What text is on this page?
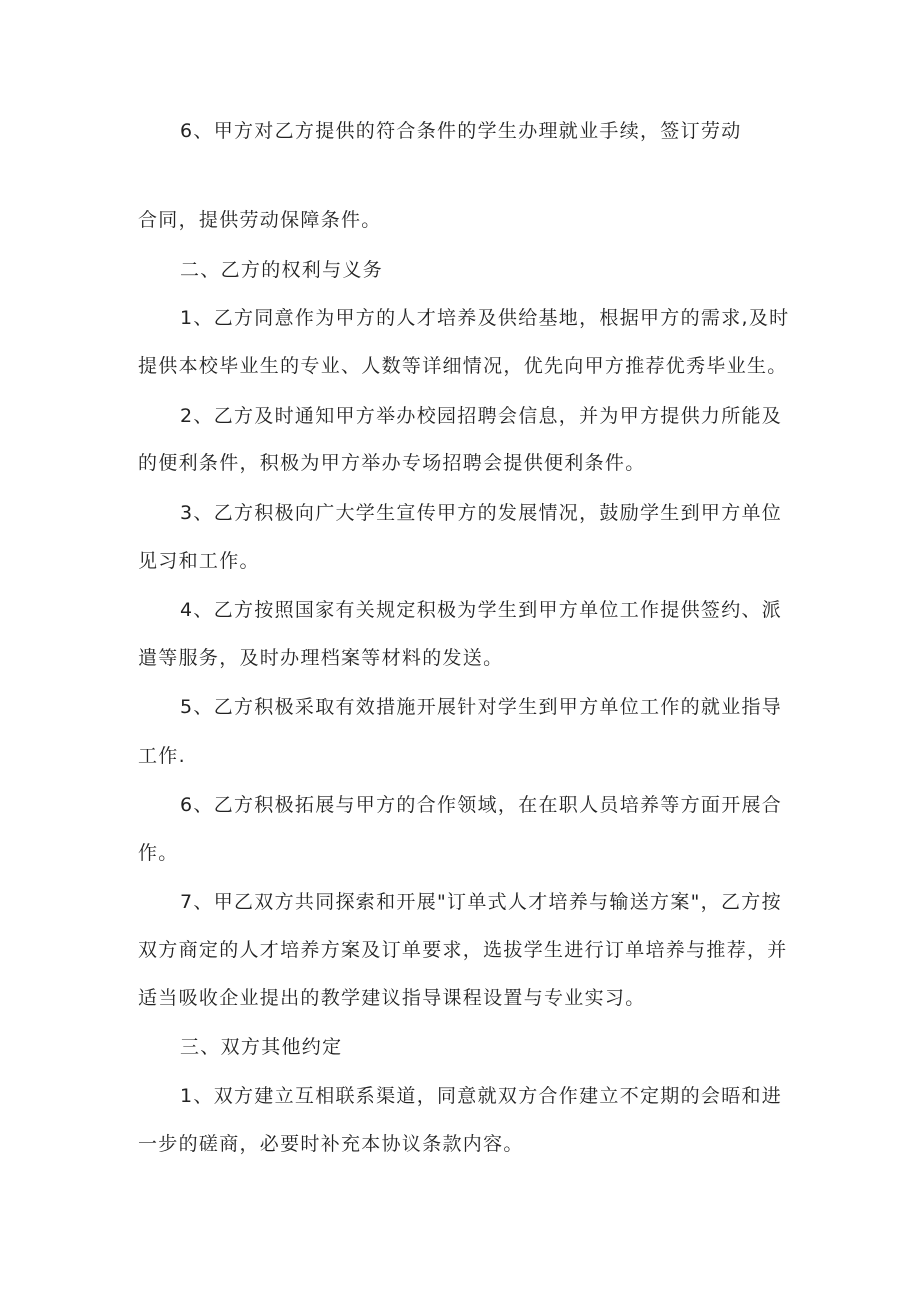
6、甲方对乙方提供的符合条件的学生办理就业手续，签订劳动

合同，提供劳动保障条件。

二、乙方的权利与义务

1、乙方同意作为甲方的人才培养及供给基地，根据甲方的需求,及时

提供本校毕业生的专业、人数等详细情况，优先向甲方推荐优秀毕业生。

2、乙方及时通知甲方举办校园招聘会信息，并为甲方提供力所能及

的便利条件，积极为甲方举办专场招聘会提供便利条件。

3、乙方积极向广大学生宣传甲方的发展情况，鼓励学生到甲方单位

见习和工作。

4、乙方按照国家有关规定积极为学生到甲方单位工作提供签约、派

遣等服务，及时办理档案等材料的发送。

5、乙方积极采取有效措施开展针对学生到甲方单位工作的就业指导

工作.

6、乙方积极拓展与甲方的合作领域，在在职人员培养等方面开展合

作。

7、甲乙双方共同探索和开展"订单式人才培养与输送方案"，乙方按

双方商定的人才培养方案及订单要求，选拔学生进行订单培养与推荐，并

适当吸收企业提出的教学建议指导课程设置与专业实习。

三、双方其他约定

1、双方建立互相联系渠道，同意就双方合作建立不定期的会晤和进

一步的磋商，必要时补充本协议条款内容。
